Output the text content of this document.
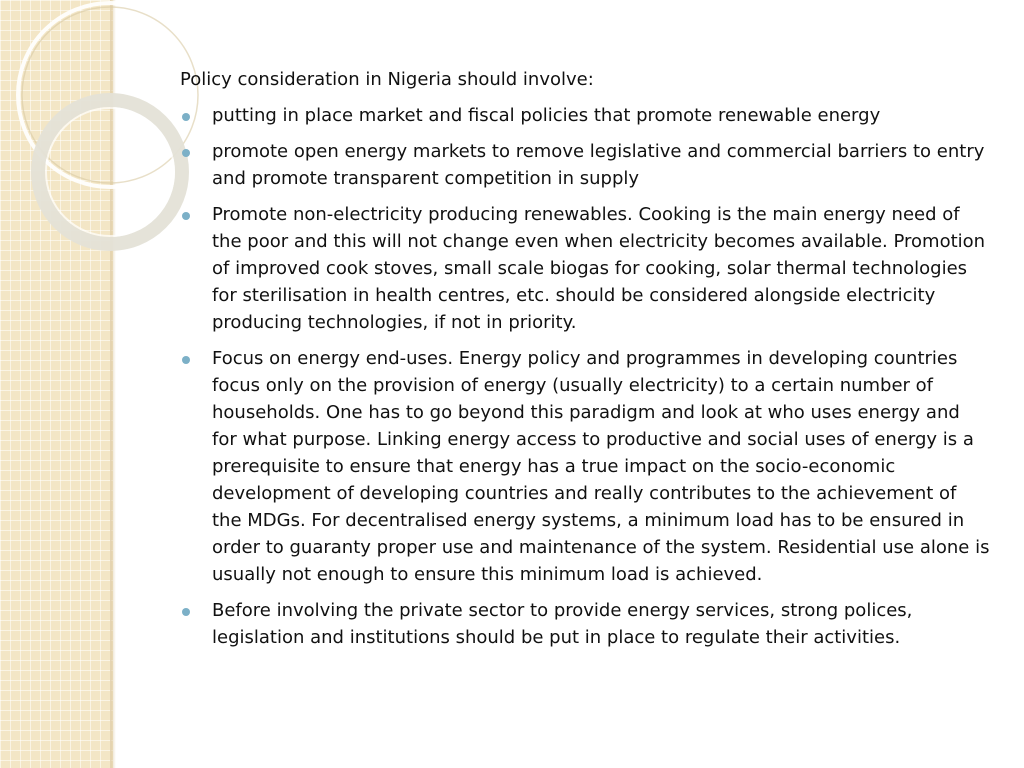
Policy consideration in Nigeria should involve:

putting in place market and fiscal policies that promote renewable energy
promote open energy markets to remove legislative and commercial barriers to entry and promote transparent competition in supply
Promote non-electricity producing renewables. Cooking is the main energy need of the poor and this will not change even when electricity becomes available. Promotion of improved cook stoves, small scale biogas for cooking, solar thermal technologies for sterilisation in health centres, etc. should be considered alongside electricity producing technologies, if not in priority.
Focus on energy end-uses. Energy policy and programmes in developing countries focus only on the provision of energy (usually electricity) to a certain number of households. One has to go beyond this paradigm and look at who uses energy and for what purpose. Linking energy access to productive and social uses of energy is a prerequisite to ensure that energy has a true impact on the socio-economic development of developing countries and really contributes to the achievement of the MDGs. For decentralised energy systems, a minimum load has to be ensured in order to guaranty proper use and maintenance of the system. Residential use alone is usually not enough to ensure this minimum load is achieved.
Before involving the private sector to provide energy services, strong polices, legislation and institutions should be put in place to regulate their activities.
